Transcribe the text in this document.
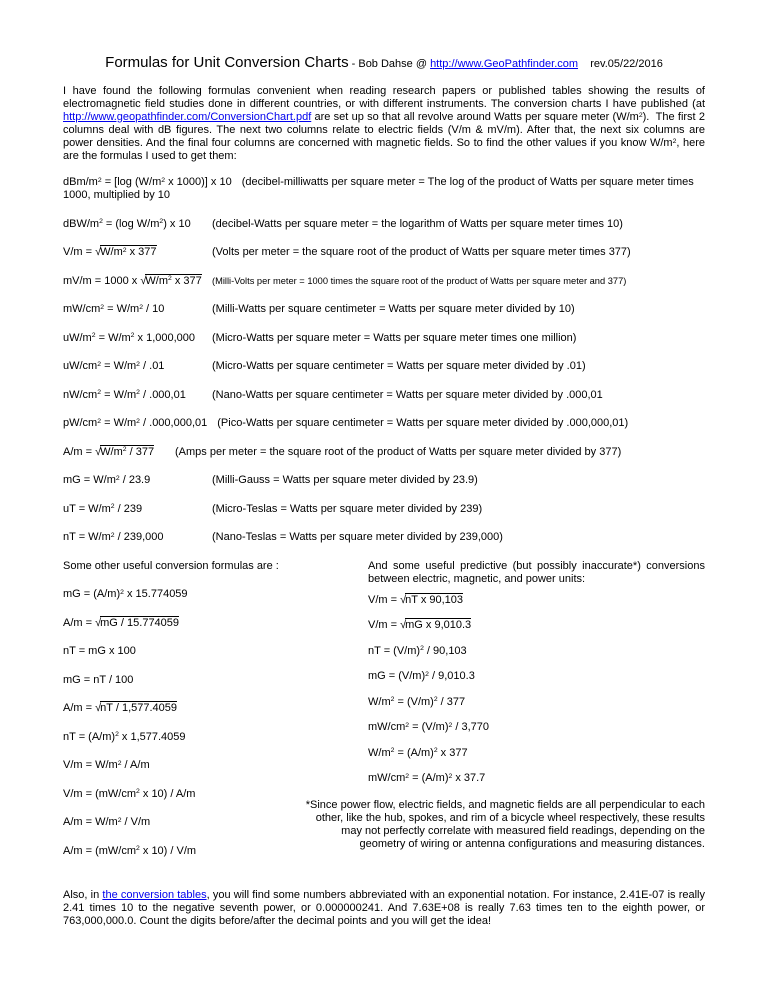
Formulas for Unit Conversion Charts - Bob Dahse @ http://www.GeoPathfinder.com    rev.05/22/2016

I have found the following formulas convenient when reading research papers or published tables showing the results of electromagnetic field studies done in different countries, or with different instruments. The conversion charts I have published (at http://www.geopathfinder.com/ConversionChart.pdf are set up so that all revolve around Watts per square meter $(W/m^2)$.  The first 2 columns deal with dB figures. The next two columns relate to electric fields (V/m & mV/m). After that, the next six columns are power densities. And the final four columns are concerned with magnetic fields. So to find the other values if you know $W/m^2$, here are the formulas I used to get them:

dBm/$m^2 = [\log$ ($W/m^2$ x 1000)] x 10 (decibel-milliwatts per square meter = The log of the product of Watts per square meter times 1000, multiplied by 10
dBW/$m^2 = (\log$ $W/m^2$) x 10 (decibel-Watts per square meter = the logarithm of Watts per square meter times 10)
$V/m = √W/m^2$ x 377	(Volts per meter = the square root of the product of Watts per square meter times 377)
mV/m = 1000 x $√W/m^2$ x 377 (Milli-Volts per meter = 1000 times the square root of the product of Watts per square meter and 377)
$mW/cm^2 = W/m^2 / 10$	(Milli-Watts per square centimeter = Watts per square meter divided by 10)
$uW/m^2 = W/m^2$ x 1,000,000 (Micro-Watts per square meter = Watts per square meter times one million)
$uW/cm^2 = W/m^2 / .01$	(Micro-Watts per square centimeter = Watts per square meter divided by .01)
$nW/cm^2 = W/m^2 / .000,01$ (Nano-Watts per square centimeter = Watts per square meter divided by .000,01
$pW/cm^2 = W/m^2 / .000,000,01$ (Pico-Watts per square centimeter = Watts per square meter divided by .000,000,01)
$A/m = √W/m^2 / 377$ (Amps per meter = the square root of the product of Watts per square meter divided by 377)
mG = $W/m^2 / 23.9$	(Milli-Gauss = Watts per square meter divided by 23.9)
uT = $W/m^2 / 239$	(Micro-Teslas = Watts per square meter divided by 239)
nT = $W/m^2 / 239,000$	(Nano-Teslas = Watts per square meter divided by 239,000)
Some other useful conversion formulas are :
mG = $(A/m)^2$ x 15.774059
A/m = √mG / 15.774059
nT = mG x 100
mG = nT / 100
A/m = √nT / 1,577.4059
nT = $(A/m)^2$ x 1,577.4059
$V/m = W/m^2 / A/m$
$V/m = (mW/cm^2$ x 10) / A/m
$A/m = W/m^2 / V/m$
$A/m = (mW/cm^2$ x 10) / V/m
And some useful predictive (but possibly inaccurate*) conversions between electric, magnetic, and power units:
V/m = √nT x 90,103
V/m = √mG x 9,010.3
nT = $(V/m)^2 / 90,103$
mG = $(V/m)^2 / 9,010.3$
$W/m^2 = (V/m)^2 / 377$
$mW/cm^2 = (V/m)^2 / 3,770$
$W/m^2 = (A/m)^2$ x 377
$mW/cm^2 = (A/m)^2$ x 37.7
*Since power flow, electric fields, and magnetic fields are all perpendicular to each other, like the hub, spokes, and rim of a bicycle wheel respectively, these results may not perfectly correlate with measured field readings, depending on the geometry of wiring or antenna configurations and measuring distances.

Also, in the conversion tables, you will find some numbers abbreviated with an exponential notation. For instance, 2.41E-07 is really 2.41 times 10 to the negative seventh power, or 0.000000241. And 7.63E+08 is really 7.63 times ten to the eighth power, or 763,000,000.0. Count the digits before/after the decimal points and you will get the idea!
